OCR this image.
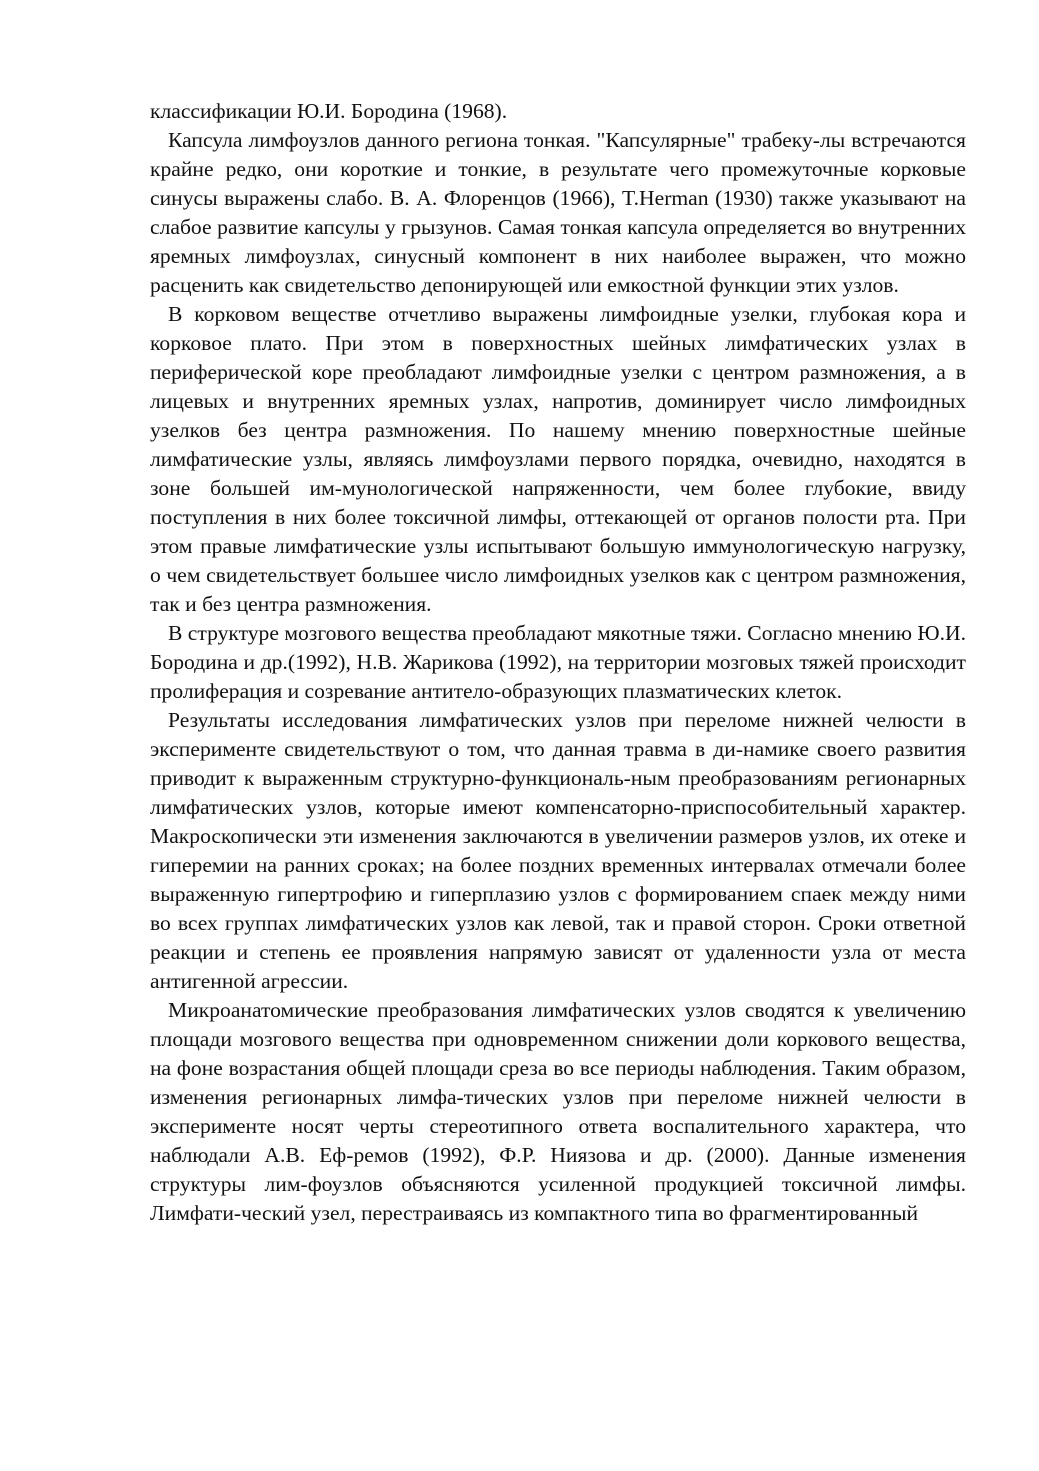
классификации Ю.И. Бородина (1968).

Капсула лимфоузлов данного региона тонкая. "Капсулярные" трабеку-лы встречаются крайне редко, они короткие и тонкие, в результате чего промежуточные корковые синусы выражены слабо. В. А. Флоренцов (1966), T.Herman (1930) также указывают на слабое развитие капсулы у грызунов. Самая тонкая капсула определяется во внутренних яремных лимфоузлах, синусный компонент в них наиболее выражен, что можно расценить как свидетельство депонирующей или емкостной функции этих узлов.

В корковом веществе отчетливо выражены лимфоидные узелки, глубокая кора и корковое плато. При этом в поверхностных шейных лимфатических узлах в периферической коре преобладают лимфоидные узелки с центром размножения, а в лицевых и внутренних яремных узлах, напротив, доминирует число лимфоидных узелков без центра размножения. По нашему мнению поверхностные шейные лимфатические узлы, являясь лимфоузлами первого порядка, очевидно, находятся в зоне большей им-мунологической напряженности, чем более глубокие, ввиду поступления в них более токсичной лимфы, оттекающей от органов полости рта. При этом правые лимфатические узлы испытывают большую иммунологическую нагрузку, о чем свидетельствует большее число лимфоидных узелков как с центром размножения, так и без центра размножения.

В структуре мозгового вещества преобладают мякотные тяжи. Согласно мнению Ю.И. Бородина и др.(1992), Н.В. Жарикова (1992), на территории мозговых тяжей происходит пролиферация и созревание антитело-образующих плазматических клеток.

Результаты исследования лимфатических узлов при переломе нижней челюсти в эксперименте свидетельствуют о том, что данная травма в ди-намике своего развития приводит к выраженным структурно-функциональ-ным преобразованиям регионарных лимфатических узлов, которые имеют компенсаторно-приспособительный характер. Макроскопически эти изменения заключаются в увеличении размеров узлов, их отеке и гиперемии на ранних сроках; на более поздних временных интервалах отмечали более выраженную гипертрофию и гиперплазию узлов с формированием спаек между ними во всех группах лимфатических узлов как левой, так и правой сторон. Сроки ответной реакции и степень ее проявления напрямую зависят от удаленности узла от места антигенной агрессии.

Микроанатомические преобразования лимфатических узлов сводятся к увеличению площади мозгового вещества при одновременном снижении доли коркового вещества, на фоне возрастания общей площади среза во все периоды наблюдения. Таким образом, изменения регионарных лимфа-тических узлов при переломе нижней челюсти в эксперименте носят черты стереотипного ответа воспалительного характера, что наблюдали А.В. Еф-ремов (1992), Ф.Р. Ниязова и др. (2000). Данные изменения структуры лим-фоузлов объясняются усиленной продукцией токсичной лимфы. Лимфати-ческий узел, перестраиваясь из компактного типа во фрагментированный
